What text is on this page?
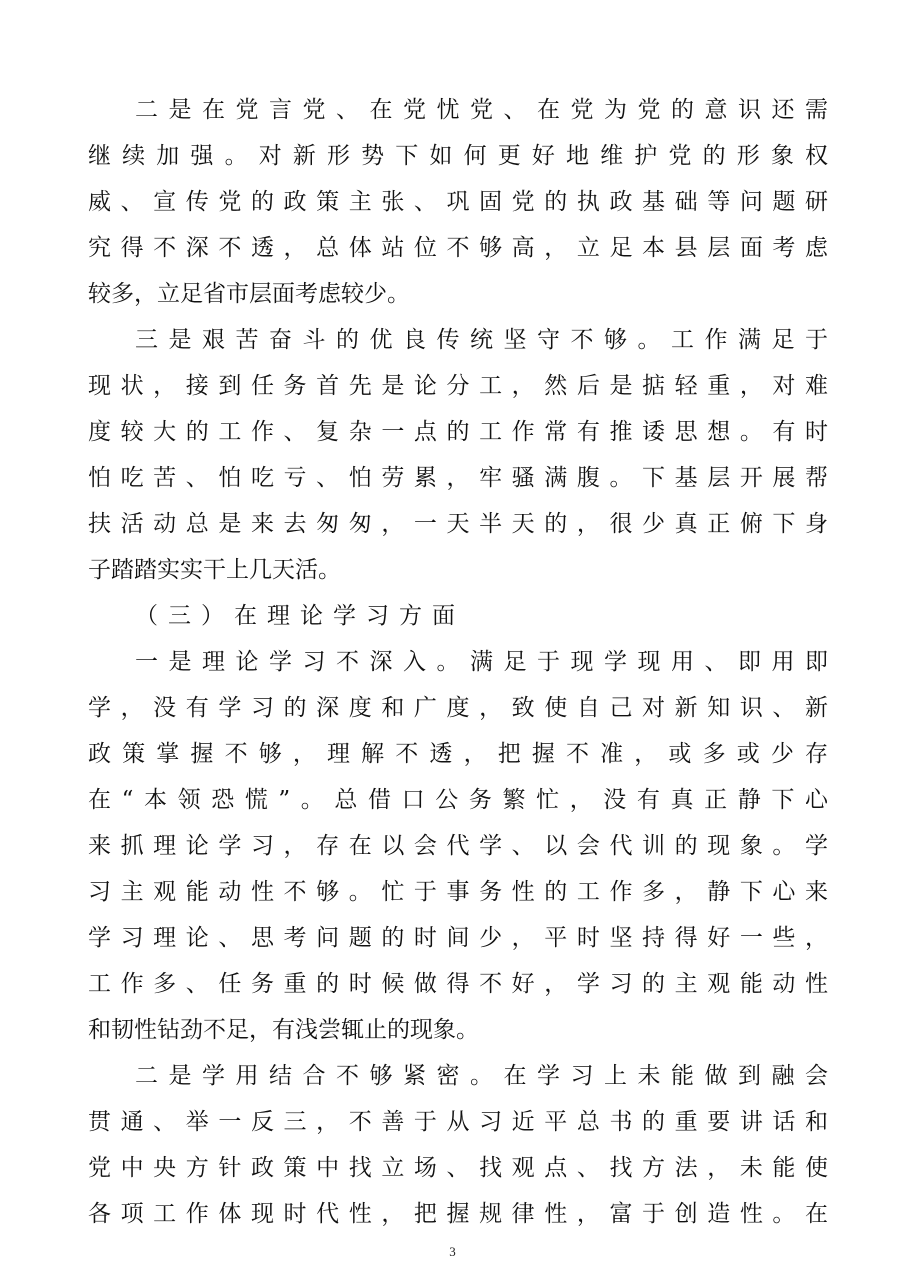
二是在党言党、在党忧党、在党为党的意识还需
继续加强。对新形势下如何更好地维护党的形象权
威、宣传党的政策主张、巩固党的执政基础等问题研
究得不深不透，总体站位不够高，立足本县层面考虑
较多，立足省市层面考虑较少。
三是艰苦奋斗的优良传统坚守不够。工作满足于
现状，接到任务首先是论分工，然后是掂轻重，对难
度较大的工作、复杂一点的工作常有推诿思想。有时
怕吃苦、怕吃亏、怕劳累，牢骚满腹。下基层开展帮
扶活动总是来去匆匆，一天半天的，很少真正俯下身
子踏踏实实干上几天活。
（三）在理论学习方面
一是理论学习不深入。满足于现学现用、即用即
学，没有学习的深度和广度，致使自己对新知识、新
政策掌握不够，理解不透，把握不准，或多或少存
在“本领恐慌”。总借口公务繁忙，没有真正静下心
来抓理论学习，存在以会代学、以会代训的现象。学
习主观能动性不够。忙于事务性的工作多，静下心来
学习理论、思考问题的时间少，平时坚持得好一些，
工作多、任务重的时候做得不好，学习的主观能动性
和韧性钻劲不足，有浅尝辄止的现象。
二是学用结合不够紧密。在学习上未能做到融会
贯通、举一反三，不善于从习近平总书的重要讲话和
党中央方针政策中找立场、找观点、找方法，未能使
各项工作体现时代性，把握规律性，富于创造性。在
3
